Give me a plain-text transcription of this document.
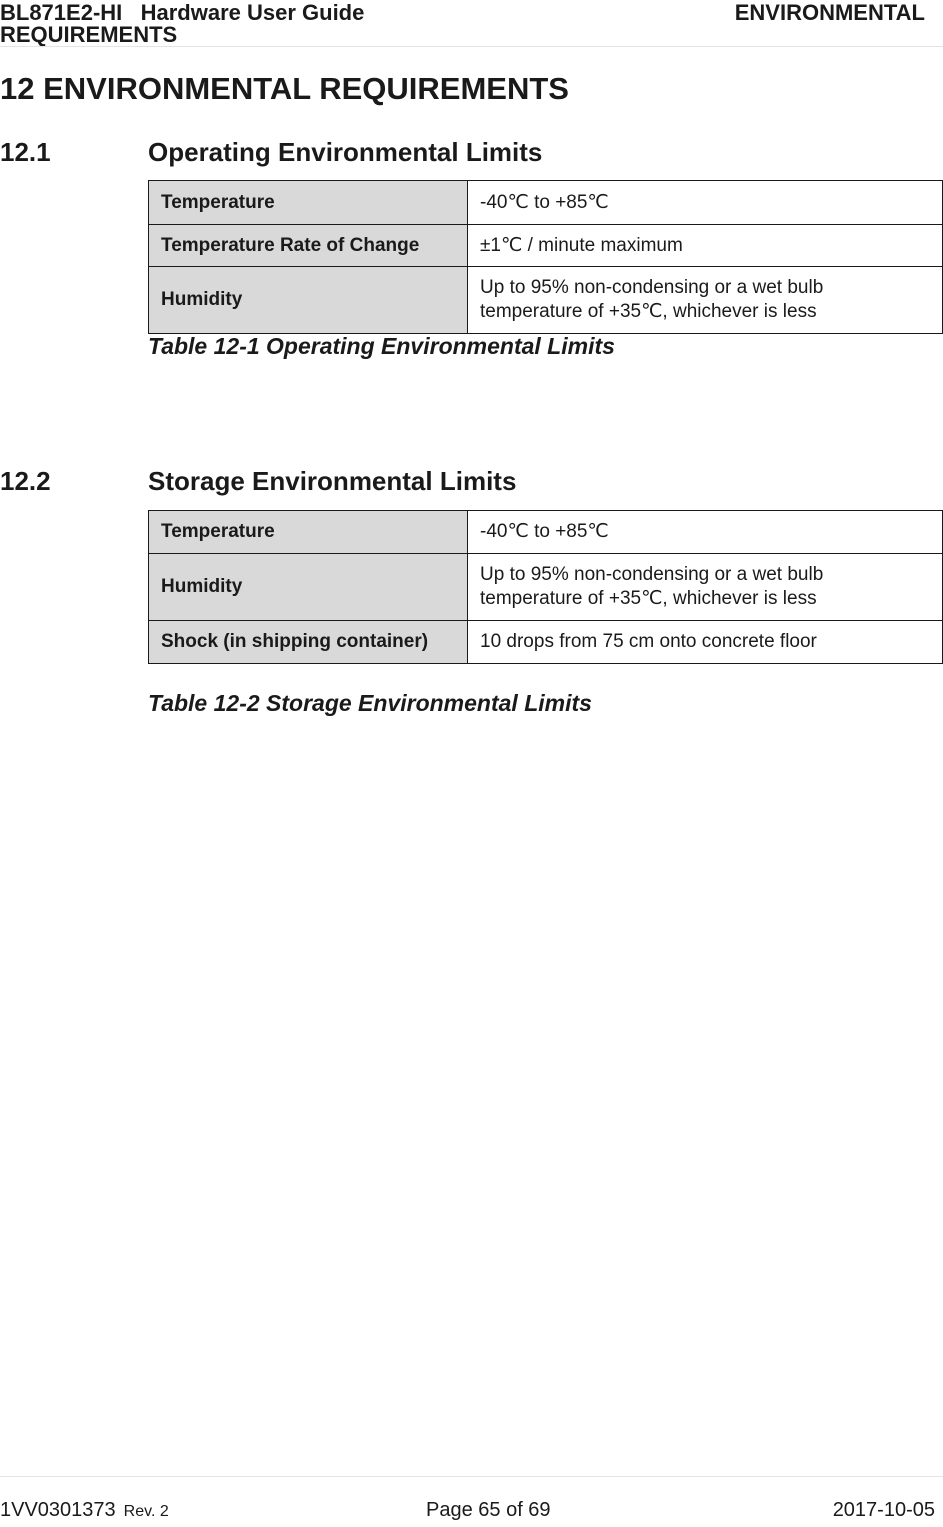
BL871E2-HI   Hardware User Guide	ENVIRONMENTAL
REQUIREMENTS
12 ENVIRONMENTAL REQUIREMENTS
12.1	Operating Environmental Limits
Temperature	-40℃ to +85℃
Temperature Rate of Change	±1℃ / minute maximum
Humidity	Up to 95% non-condensing or a wet bulb temperature of +35℃, whichever is less
Table 12-1 Operating Environmental Limits
12.2	Storage Environmental Limits
Temperature	-40℃ to +85℃
Humidity	Up to 95% non-condensing or a wet bulb temperature of +35℃, whichever is less
Shock (in shipping container)	10 drops from 75 cm onto concrete floor
Table 12-2 Storage Environmental Limits
1VV0301373 Rev. 2	Page 65 of 69	2017-10-05
